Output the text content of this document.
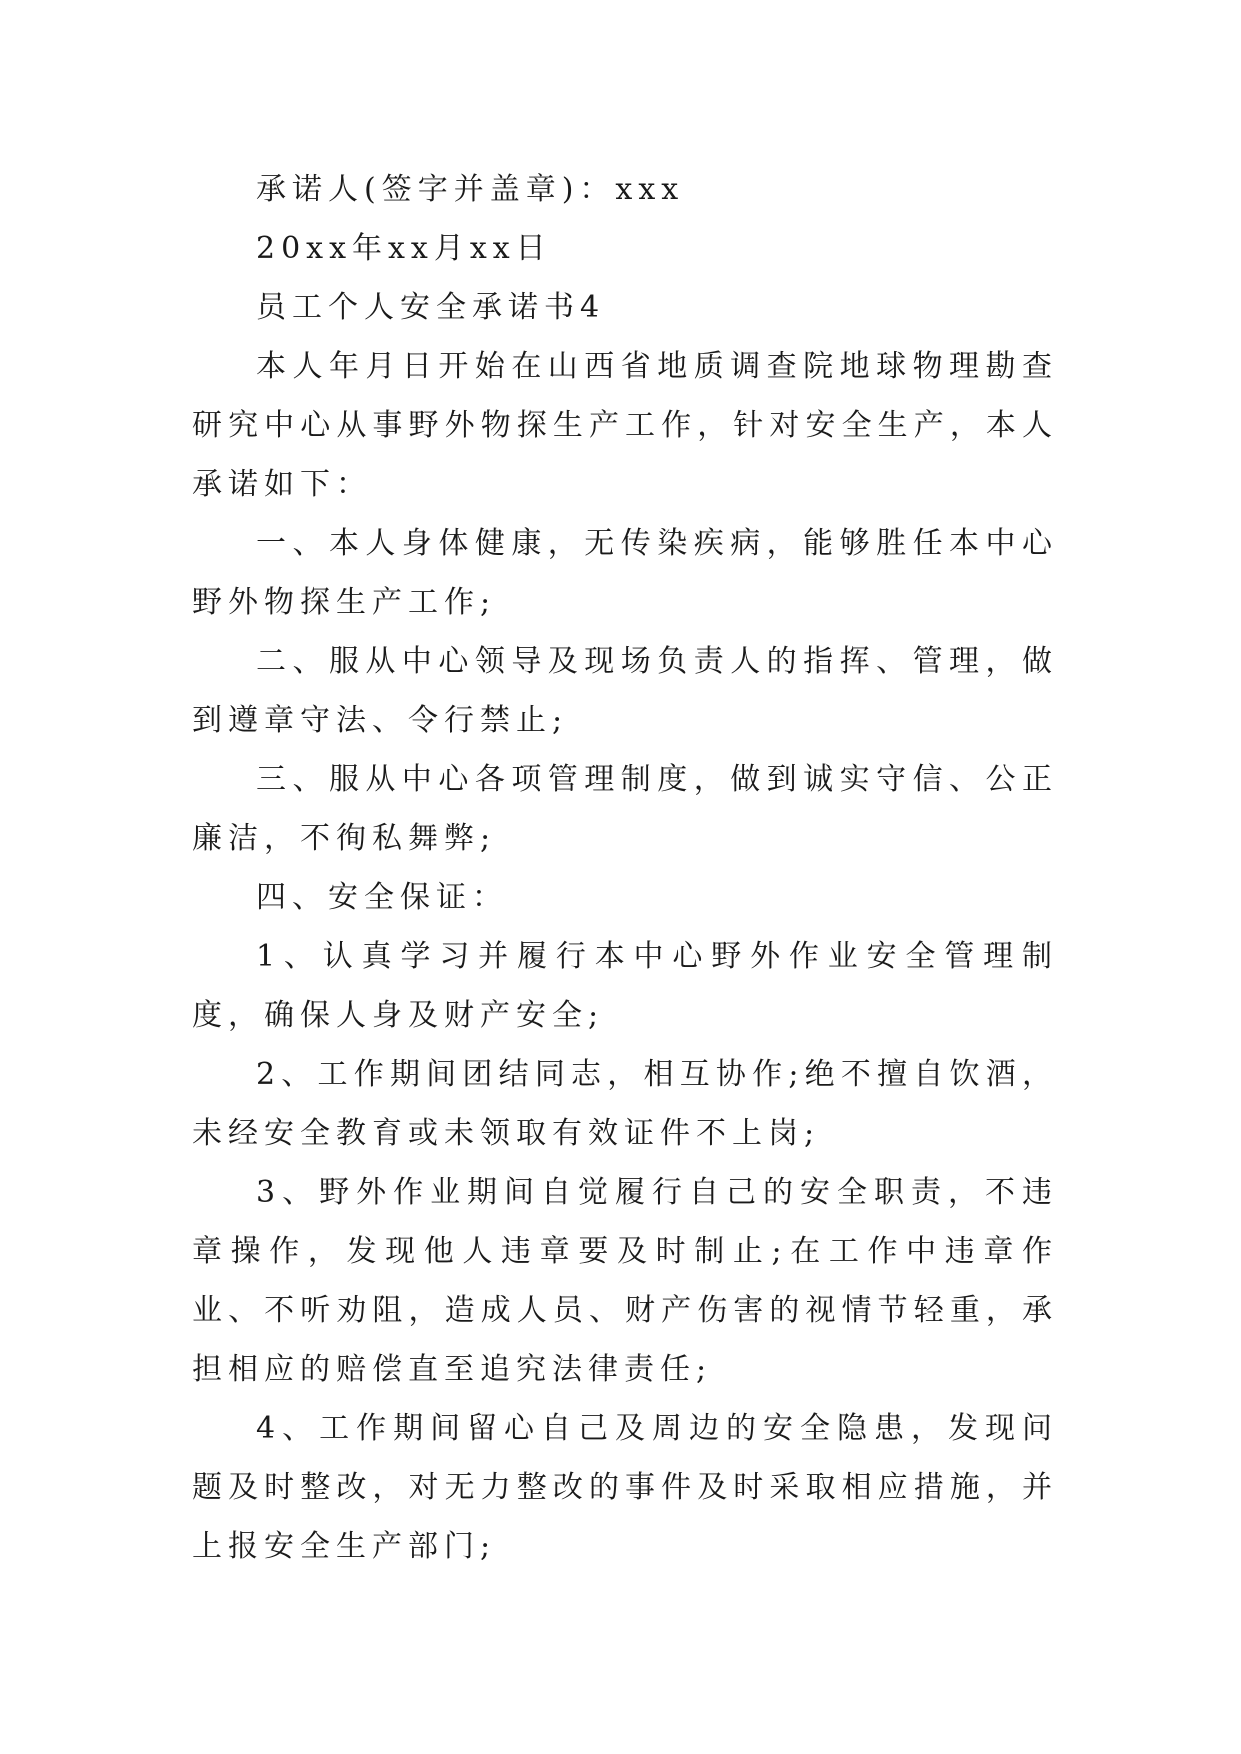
承诺人(签字并盖章)：xxx

20xx年xx月xx日

员工个人安全承诺书4

本人年月日开始在山西省地质调查院地球物理勘查研究中心从事野外物探生产工作，针对安全生产，本人承诺如下：

一、本人身体健康，无传染疾病，能够胜任本中心野外物探生产工作;

二、服从中心领导及现场负责人的指挥、管理，做到遵章守法、令行禁止;

三、服从中心各项管理制度，做到诚实守信、公正廉洁，不徇私舞弊;

四、安全保证：

1、认真学习并履行本中心野外作业安全管理制度，确保人身及财产安全;

2、工作期间团结同志，相互协作;绝不擅自饮酒，未经安全教育或未领取有效证件不上岗;

3、野外作业期间自觉履行自己的安全职责，不违章操作，发现他人违章要及时制止;在工作中违章作业、不听劝阻，造成人员、财产伤害的视情节轻重，承担相应的赔偿直至追究法律责任;

4、工作期间留心自己及周边的安全隐患，发现问题及时整改，对无力整改的事件及时采取相应措施，并上报安全生产部门;
